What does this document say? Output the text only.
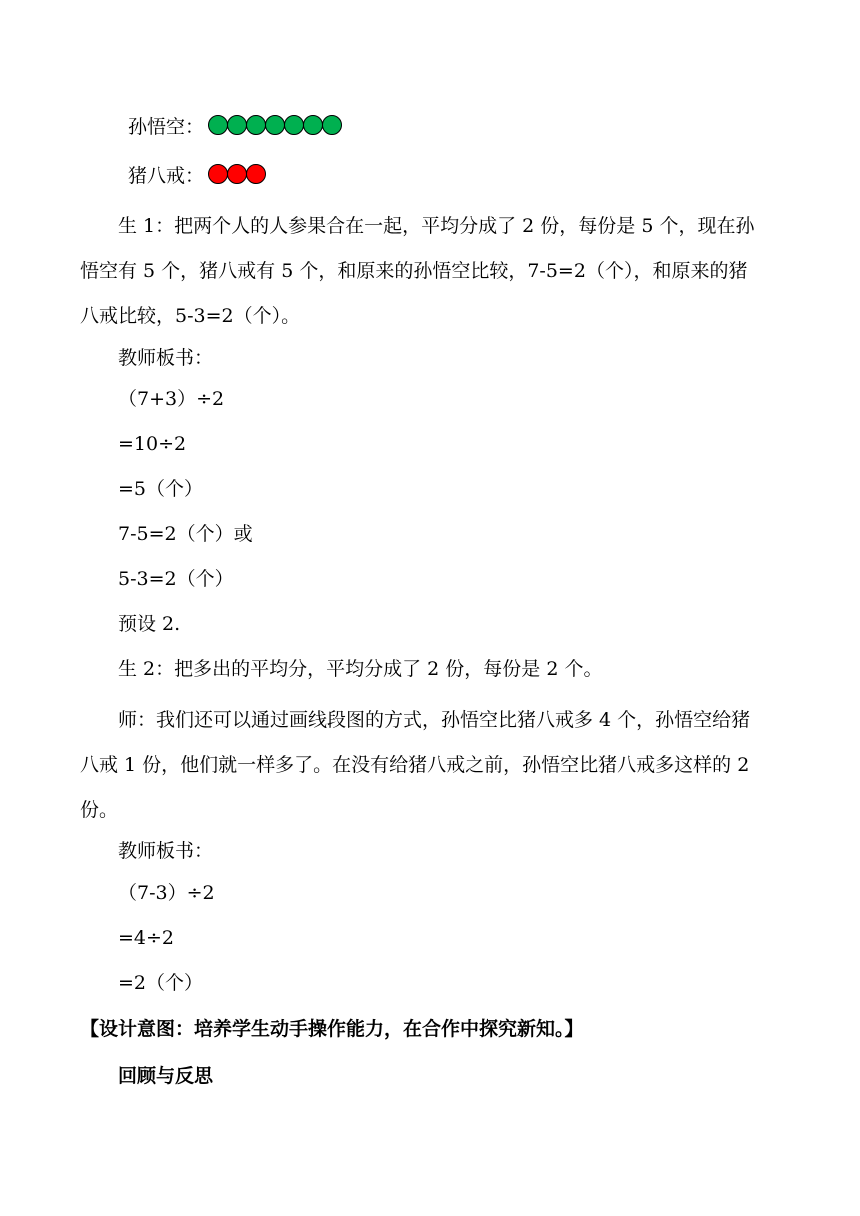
孙悟空：
猪八戒：
生 1：把两个人的人参果合在一起，平均分成了 2 份，每份是 5 个，现在孙悟空有 5 个，猪八戒有 5 个，和原来的孙悟空比较，7-5=2（个），和原来的猪八戒比较，5-3=2（个）。
教师板书：
（7+3）÷2
=10÷2
=5（个）
7-5=2（个）或
5-3=2（个）
预设 2.
生 2：把多出的平均分，平均分成了 2 份，每份是 2 个。
师：我们还可以通过画线段图的方式，孙悟空比猪八戒多 4 个，孙悟空给猪八戒 1 份，他们就一样多了。在没有给猪八戒之前，孙悟空比猪八戒多这样的 2 份。
教师板书：
（7-3）÷2
=4÷2
=2（个）
【设计意图：培养学生动手操作能力，在合作中探究新知。】
回顾与反思
